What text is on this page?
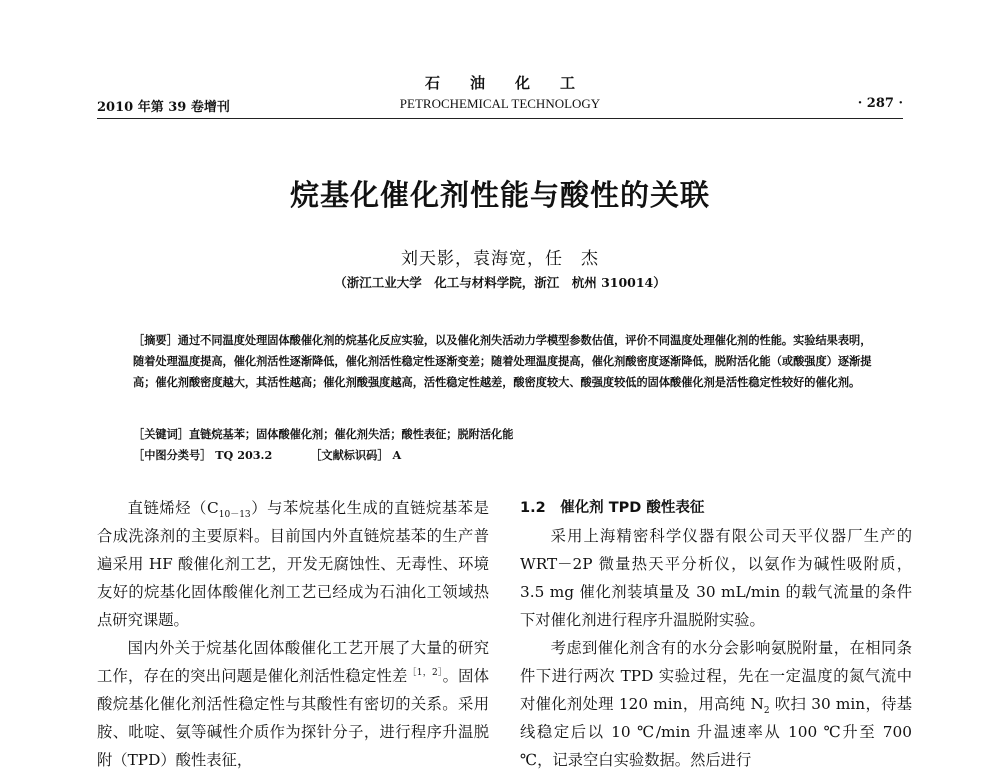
石油化工
PETROCHEMICAL TECHNOLOGY
2010 年第 39 卷增刊	· 287 ·
烷基化催化剂性能与酸性的关联
刘天影，袁海宽，任　杰
（浙江工业大学　化工与材料学院，浙江　杭州 310014）

［摘要］通过不同温度处理固体酸催化剂的烷基化反应实验，以及催化剂失活动力学模型参数估值，评价不同温度处理催化剂的性能。实验结果表明，随着处理温度提高，催化剂活性逐渐降低，催化剂活性稳定性逐渐变差；随着处理温度提高，催化剂酸密度逐渐降低，脱附活化能（或酸强度）逐渐提高；催化剂酸密度越大，其活性越高；催化剂酸强度越高，活性稳定性越差，酸密度较大、酸强度较低的固体酸催化剂是活性稳定性较好的催化剂。

［关键词］直链烷基苯；固体酸催化剂；催化剂失活；酸性表征；脱附活化能
［中图分类号］ TQ 203.2	［文献标识码］ A

直链烯烃$(C_{10-13})$与苯烷基化生成的直链烷基苯是合成洗涤剂的主要原料。目前国内外直链烷基苯的生产普遍采用 HF 酸催化剂工艺，开发无腐蚀性、无毒性、环境友好的烷基化固体酸催化剂工艺已经成为石油化工领域热点研究课题。

国内外关于烷基化固体酸催化工艺开展了大量的研究工作，存在的突出问题是催化剂活性稳定性差$^{[1,2]}$。固体酸烷基化催化剂活性稳定性与其酸性有密切的关系。采用胺、吡啶、氨等碱性介质作为探针分子，进行程序升温脱附（TPD）酸性表征，

1.2　催化剂 TPD 酸性表征

采用上海精密科学仪器有限公司天平仪器厂生产的 WRT－2P 微量热天平分析仪，以氨作为碱性吸附质，3.5 mg 催化剂装填量及 30 mL/min 的载气流量的条件下对催化剂进行程序升温脱附实验。

考虑到催化剂含有的水分会影响氨脱附量，在相同条件下进行两次 TPD 实验过程，先在一定温度的氮气流中对催化剂处理 120 min，用高纯 $N_2$ 吹扫 30 min，待基线稳定后以 10 ℃/min 升温速率从 100 ℃升至 700 ℃，记录空白实验数据。然后进行
